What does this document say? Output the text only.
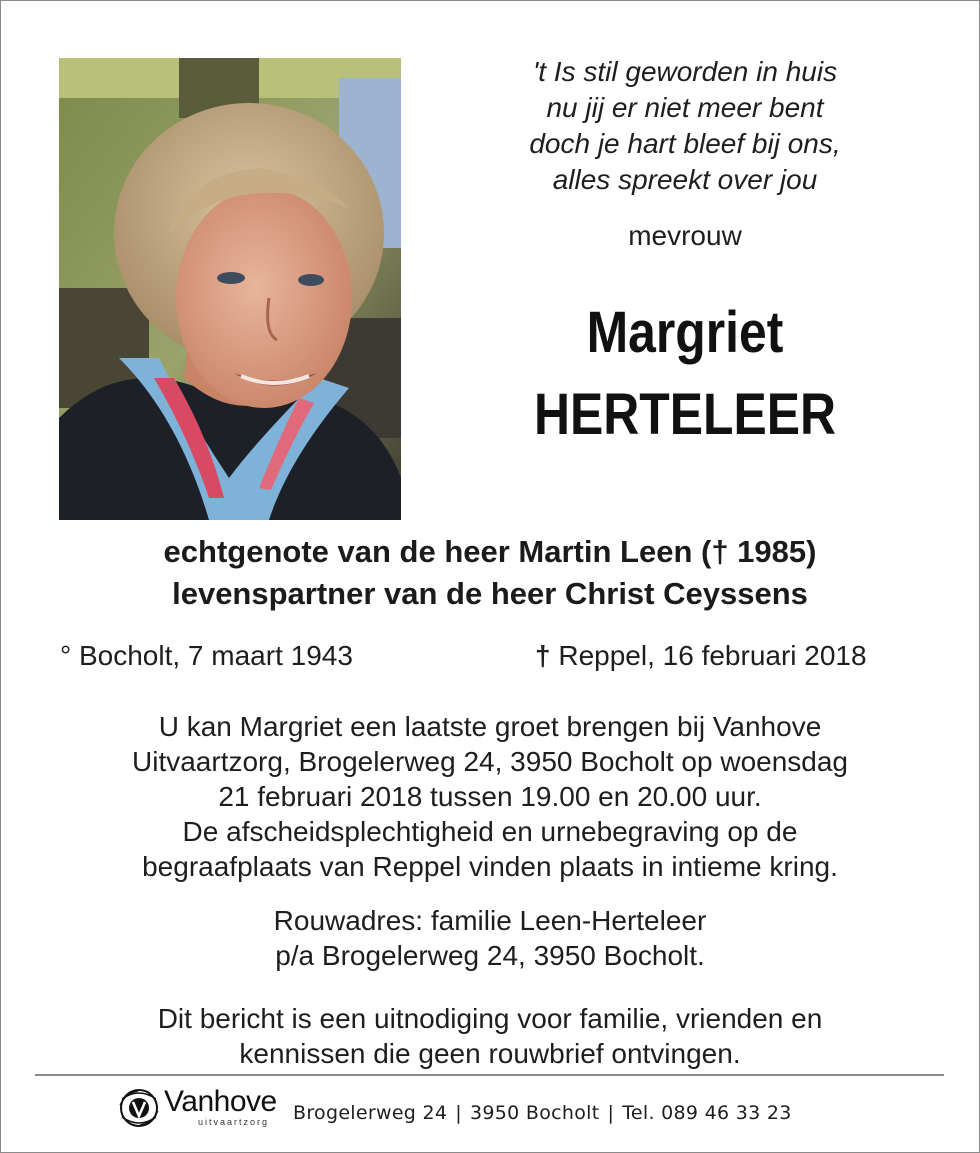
't Is stil geworden in huis
nu jij er niet meer bent
doch je hart bleef bij ons,
alles spreekt over jou
mevrouw
Margriet
HERTELEER
echtgenote van de heer Martin Leen († 1985)
levenspartner van de heer Christ Ceyssens
° Bocholt, 7 maart 1943	† Reppel, 16 februari 2018
U kan Margriet een laatste groet brengen bij Vanhove
Uitvaartzorg, Brogelerweg 24, 3950 Bocholt op woensdag
21 februari 2018 tussen 19.00 en 20.00 uur.
De afscheidsplechtigheid en urnebegraving op de
begraafplaats van Reppel vinden plaats in intieme kring.
Rouwadres: familie Leen-Herteleer
p/a Brogelerweg 24, 3950 Bocholt.
Dit bericht is een uitnodiging voor familie, vrienden en
kennissen die geen rouwbrief ontvingen.
Vanhove
uitvaartzorg Brogelerweg 24 | 3950 Bocholt | Tel. 089 46 33 23
